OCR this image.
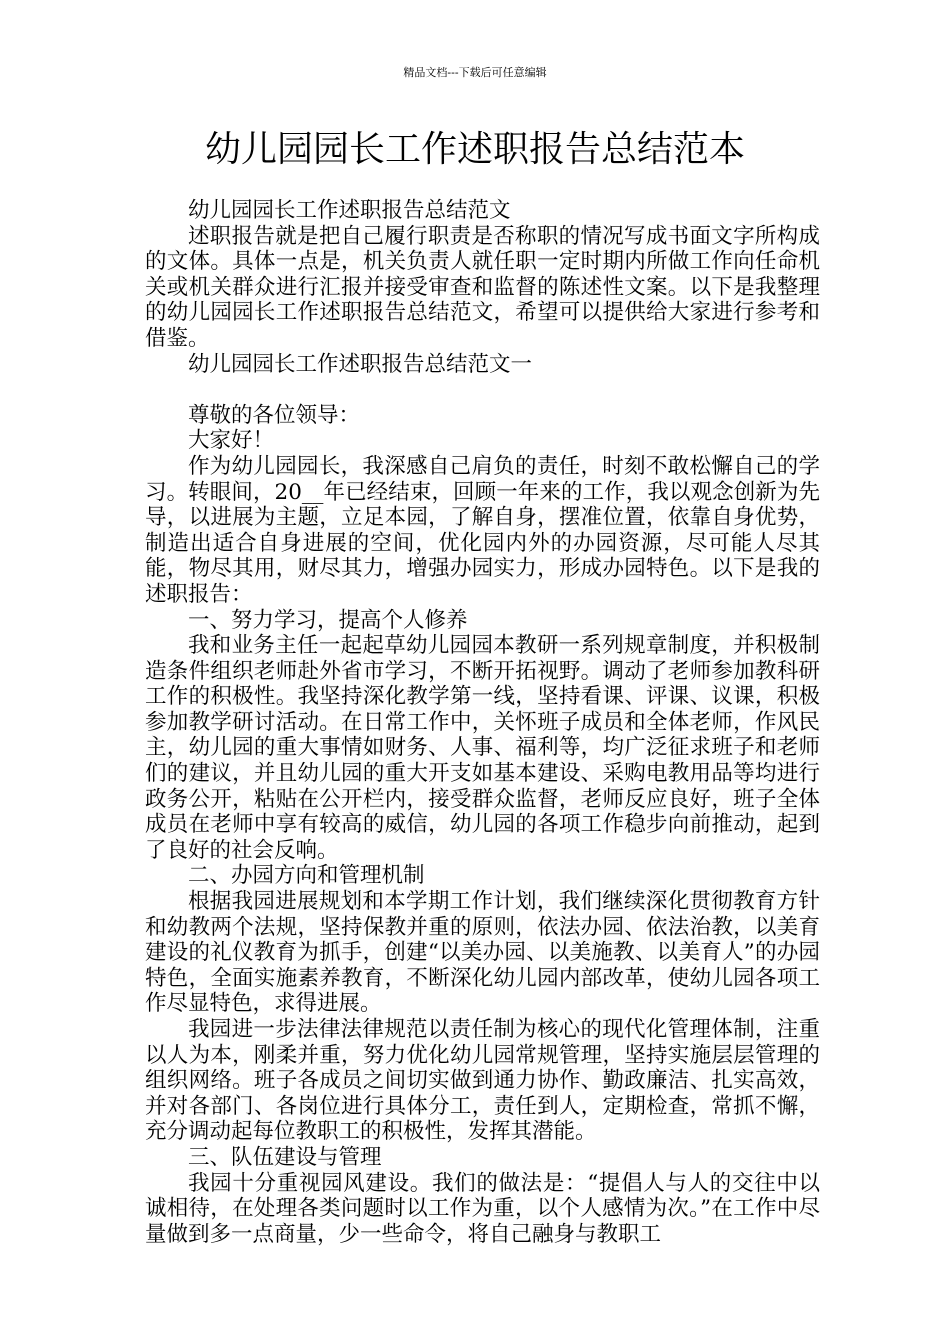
精品文档---下载后可任意编辑
幼儿园园长工作述职报告总结范本

幼儿园园长工作述职报告总结范文

述职报告就是把自己履行职责是否称职的情况写成书面文字所构成的文体。具体一点是，机关负责人就任职一定时期内所做工作向任命机关或机关群众进行汇报并接受审查和监督的陈述性文案。以下是我整理的幼儿园园长工作述职报告总结范文，希望可以提供给大家进行参考和借鉴。

幼儿园园长工作述职报告总结范文一

尊敬的各位领导：

大家好！

作为幼儿园园长，我深感自己肩负的责任，时刻不敢松懈自己的学习。转眼间，20__年已经结束，回顾一年来的工作，我以观念创新为先导，以进展为主题，立足本园，了解自身，摆准位置，依靠自身优势，制造出适合自身进展的空间，优化园内外的办园资源，尽可能人尽其能，物尽其用，财尽其力，增强办园实力，形成办园特色。以下是我的述职报告：

一、努力学习，提高个人修养

我和业务主任一起起草幼儿园园本教研一系列规章制度，并积极制造条件组织老师赴外省市学习，不断开拓视野。调动了老师参加教科研工作的积极性。我坚持深化教学第一线，坚持看课、评课、议课，积极参加教学研讨活动。在日常工作中，关怀班子成员和全体老师，作风民主，幼儿园的重大事情如财务、人事、福利等，均广泛征求班子和老师们的建议，并且幼儿园的重大开支如基本建设、采购电教用品等均进行政务公开，粘贴在公开栏内，接受群众监督，老师反应良好，班子全体成员在老师中享有较高的威信，幼儿园的各项工作稳步向前推动，起到了良好的社会反响。

二、办园方向和管理机制

根据我园进展规划和本学期工作计划，我们继续深化贯彻教育方针和幼教两个法规，坚持保教并重的原则，依法办园、依法治教，以美育建设的礼仪教育为抓手，创建“以美办园、以美施教、以美育人”的办园特色，全面实施素养教育，不断深化幼儿园内部改革，使幼儿园各项工作尽显特色，求得进展。

我园进一步法律法律规范以责任制为核心的现代化管理体制，注重以人为本，刚柔并重，努力优化幼儿园常规管理，坚持实施层层管理的组织网络。班子各成员之间切实做到通力协作、勤政廉洁、扎实高效，并对各部门、各岗位进行具体分工，责任到人，定期检查，常抓不懈，充分调动起每位教职工的积极性，发挥其潜能。

三、队伍建设与管理

我园十分重视园风建设。我们的做法是：“提倡人与人的交往中以诚相待，在处理各类问题时以工作为重，以个人感情为次。”在工作中尽量做到多一点商量，少一些命令，将自己融身与教职工
